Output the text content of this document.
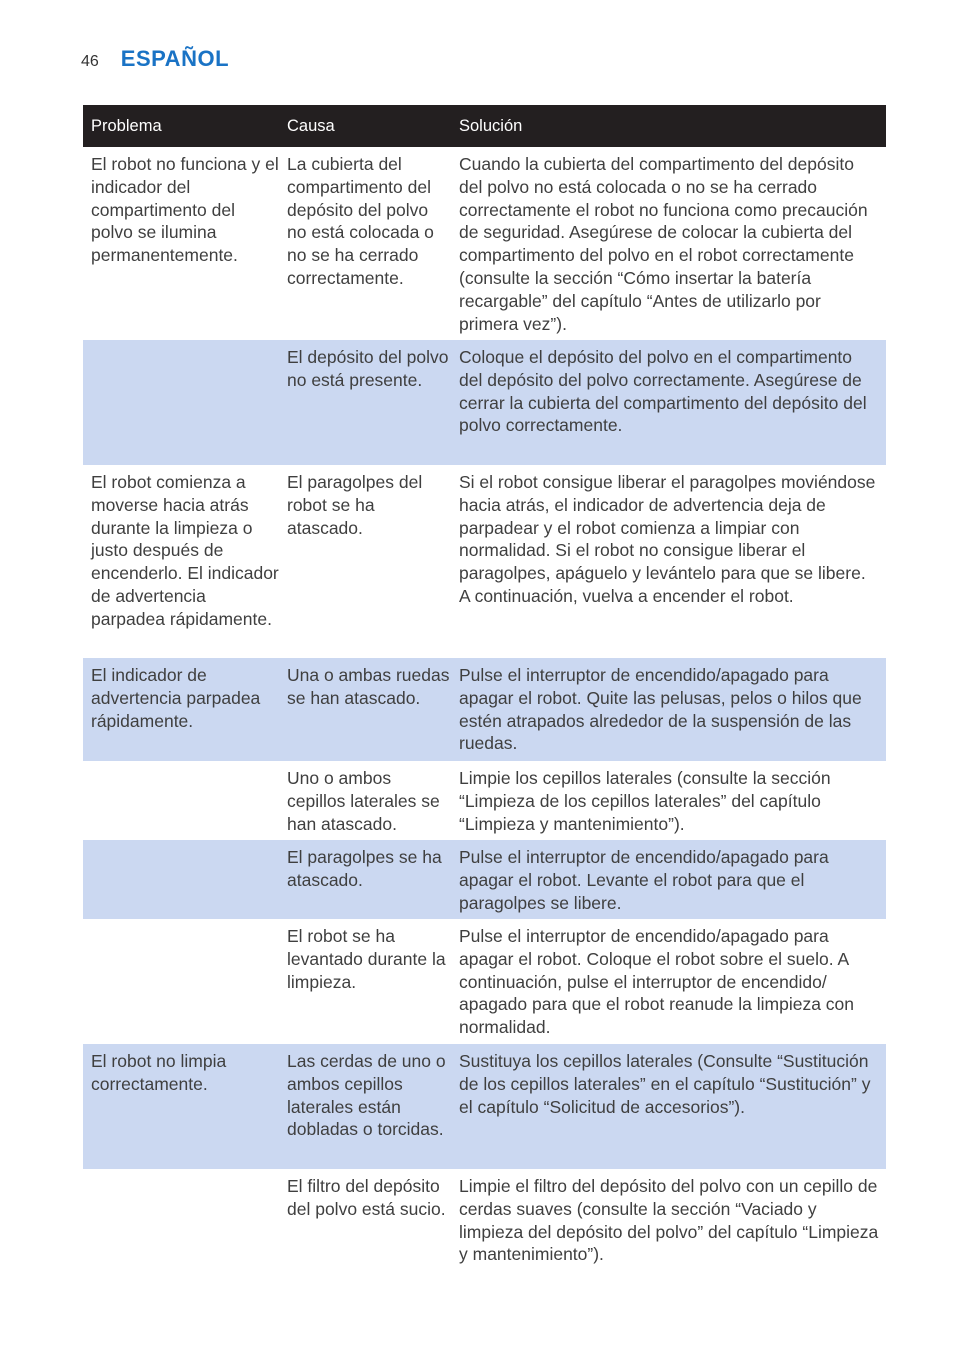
46 ESPAÑOL
Problema	Causa	Solución
El robot no funciona y el indicador del compartimento del polvo se ilumina permanentemente.
La cubierta del compartimento del depósito del polvo no está colocada o no se ha cerrado correctamente.
Cuando la cubierta del compartimento del depósito del polvo no está colocada o no se ha cerrado correctamente el robot no funciona como precaución de seguridad. Asegúrese de colocar la cubierta del compartimento del polvo en el robot correctamente (consulte la sección “Cómo insertar la batería recargable” del capítulo “Antes de utilizarlo por primera vez”).
El depósito del polvo no está presente.
Coloque el depósito del polvo en el compartimento del depósito del polvo correctamente. Asegúrese de cerrar la cubierta del compartimento del depósito del polvo correctamente.
El robot comienza a moverse hacia atrás durante la limpieza o justo después de encenderlo. El indicador de advertencia parpadea rápidamente.
El paragolpes del robot se ha atascado.
Si el robot consigue liberar el paragolpes moviéndose hacia atrás, el indicador de advertencia deja de parpadear y el robot comienza a limpiar con normalidad. Si el robot no consigue liberar el paragolpes, apáguelo y levántelo para que se libere. A continuación, vuelva a encender el robot.
El indicador de advertencia parpadea rápidamente.
Una o ambas ruedas se han atascado.
Pulse el interruptor de encendido/apagado para apagar el robot. Quite las pelusas, pelos o hilos que estén atrapados alrededor de la suspensión de las ruedas.
Uno o ambos cepillos laterales se han atascado.
Limpie los cepillos laterales (consulte la sección “Limpieza de los cepillos laterales” del capítulo “Limpieza y mantenimiento”).
El paragolpes se ha atascado.
Pulse el interruptor de encendido/apagado para apagar el robot. Levante el robot para que el paragolpes se libere.
El robot se ha levantado durante la limpieza.
Pulse el interruptor de encendido/apagado para apagar el robot. Coloque el robot sobre el suelo. A continuación, pulse el interruptor de encendido/ apagado para que el robot reanude la limpieza con normalidad.
El robot no limpia correctamente.
Las cerdas de uno o ambos cepillos laterales están dobladas o torcidas.
Sustituya los cepillos laterales (Consulte “Sustitución de los cepillos laterales” en el capítulo “Sustitución” y el capítulo “Solicitud de accesorios”).
El filtro del depósito del polvo está sucio.
Limpie el filtro del depósito del polvo con un cepillo de cerdas suaves (consulte la sección “Vaciado y limpieza del depósito del polvo” del capítulo “Limpieza y mantenimiento”).
